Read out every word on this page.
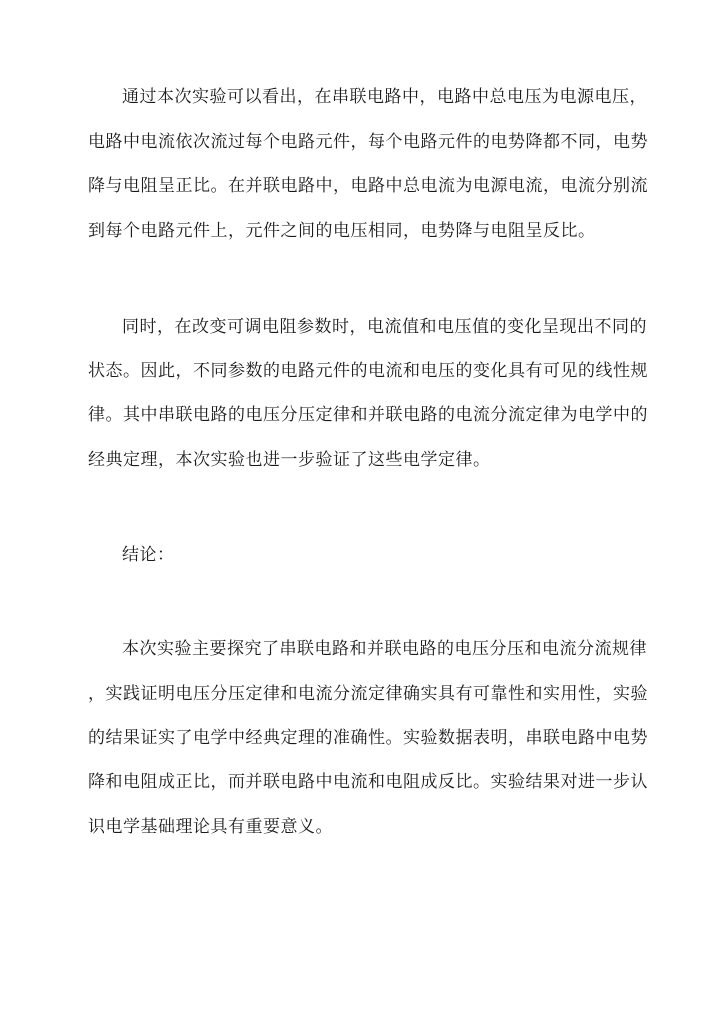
通过本次实验可以看出，在串联电路中，电路中总电压为电源电压，
电路中电流依次流过每个电路元件，每个电路元件的电势降都不同，电势
降与电阻呈正比。在并联电路中，电路中总电流为电源电流，电流分别流
到每个电路元件上，元件之间的电压相同，电势降与电阻呈反比。
同时，在改变可调电阻参数时，电流值和电压值的变化呈现出不同的
状态。因此，不同参数的电路元件的电流和电压的变化具有可见的线性规
律。其中串联电路的电压分压定律和并联电路的电流分流定律为电学中的
经典定理，本次实验也进一步验证了这些电学定律。
结论：
本次实验主要探究了串联电路和并联电路的电压分压和电流分流规律
，实践证明电压分压定律和电流分流定律确实具有可靠性和实用性，实验
的结果证实了电学中经典定理的准确性。实验数据表明，串联电路中电势
降和电阻成正比，而并联电路中电流和电阻成反比。实验结果对进一步认
识电学基础理论具有重要意义。
